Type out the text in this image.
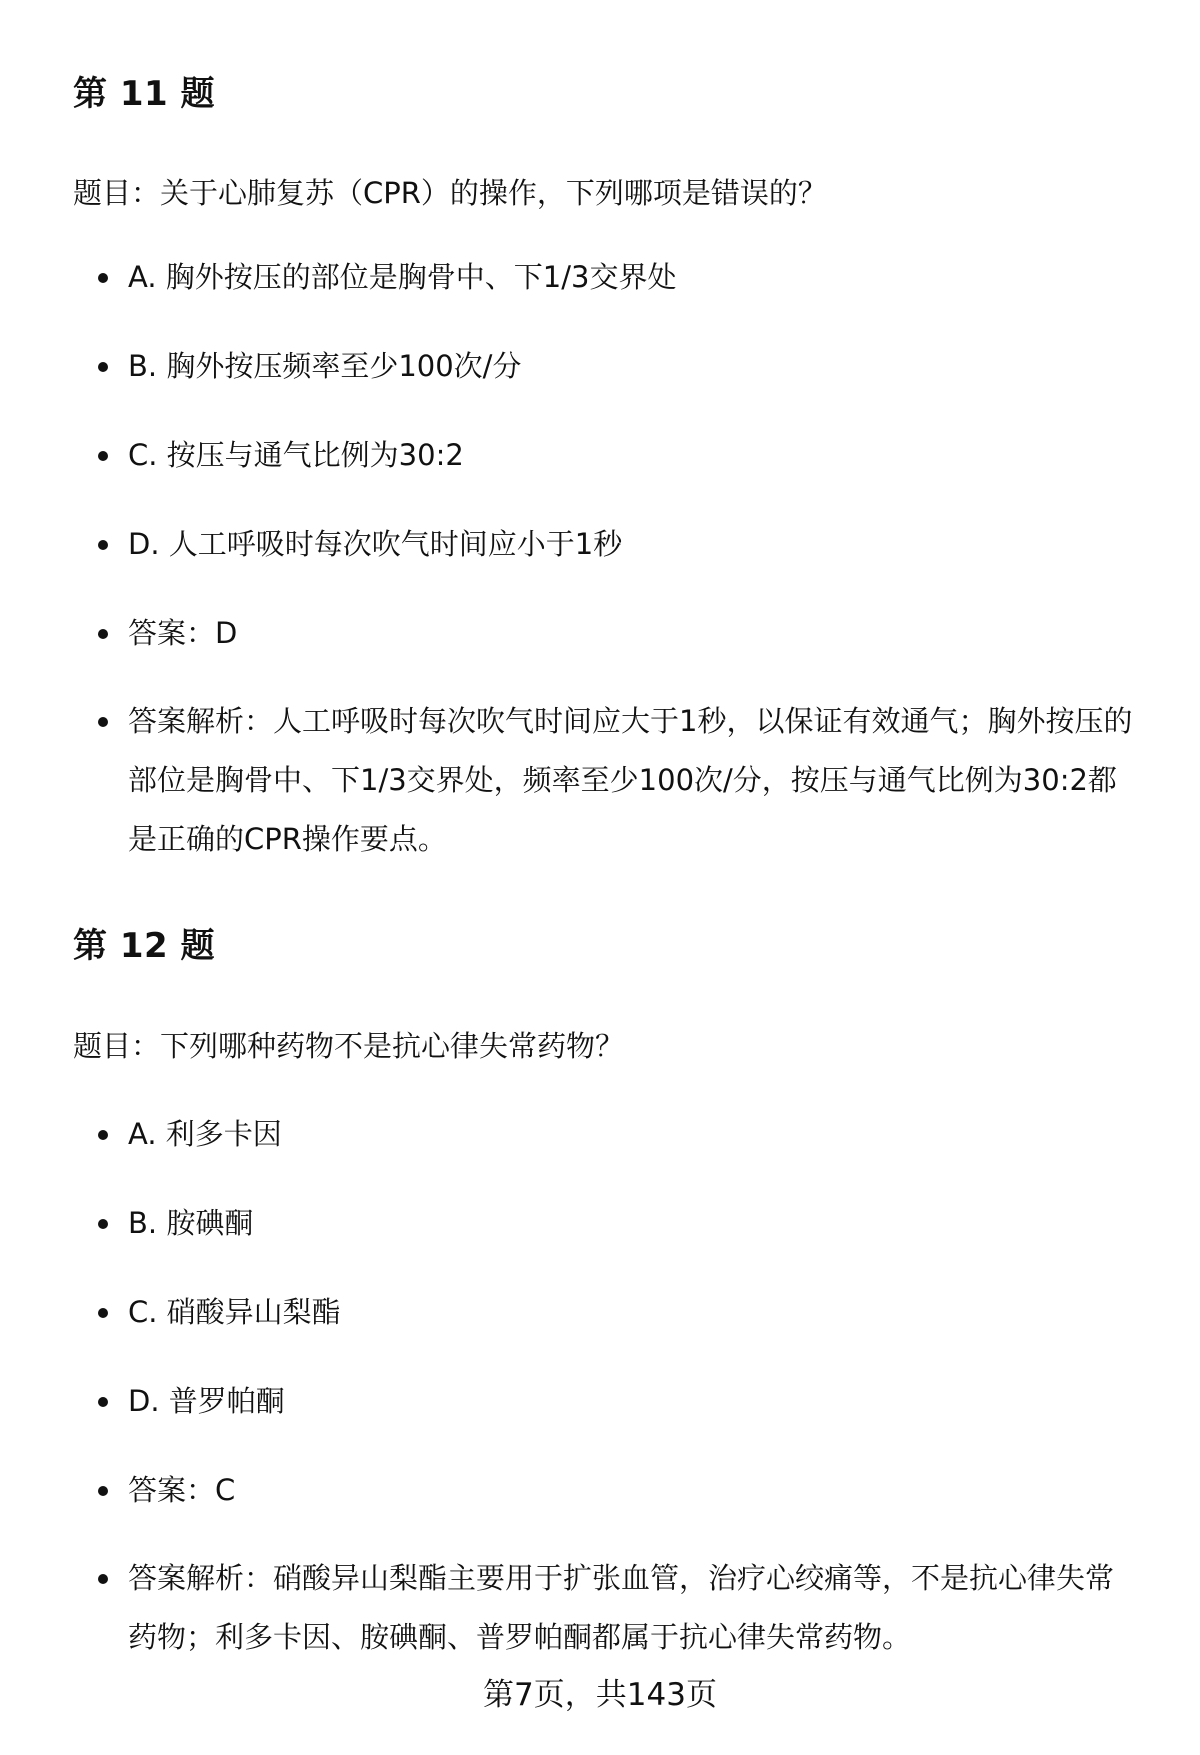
第 11 题

题目：关于心肺复苏（CPR）的操作，下列哪项是错误的？

A. 胸外按压的部位是胸骨中、下1/3交界处
B. 胸外按压频率至少100次/分
C. 按压与通气比例为30:2
D. 人工呼吸时每次吹气时间应小于1秒
答案：D
答案解析：人工呼吸时每次吹气时间应大于1秒，以保证有效通气；胸外按压的部位是胸骨中、下1/3交界处，频率至少100次/分，按压与通气比例为30:2都是正确的CPR操作要点。
第 12 题

题目：下列哪种药物不是抗心律失常药物？

A. 利多卡因
B. 胺碘酮
C. 硝酸异山梨酯
D. 普罗帕酮
答案：C
答案解析：硝酸异山梨酯主要用于扩张血管，治疗心绞痛等，不是抗心律失常药物；利多卡因、胺碘酮、普罗帕酮都属于抗心律失常药物。
第7页，共143页
